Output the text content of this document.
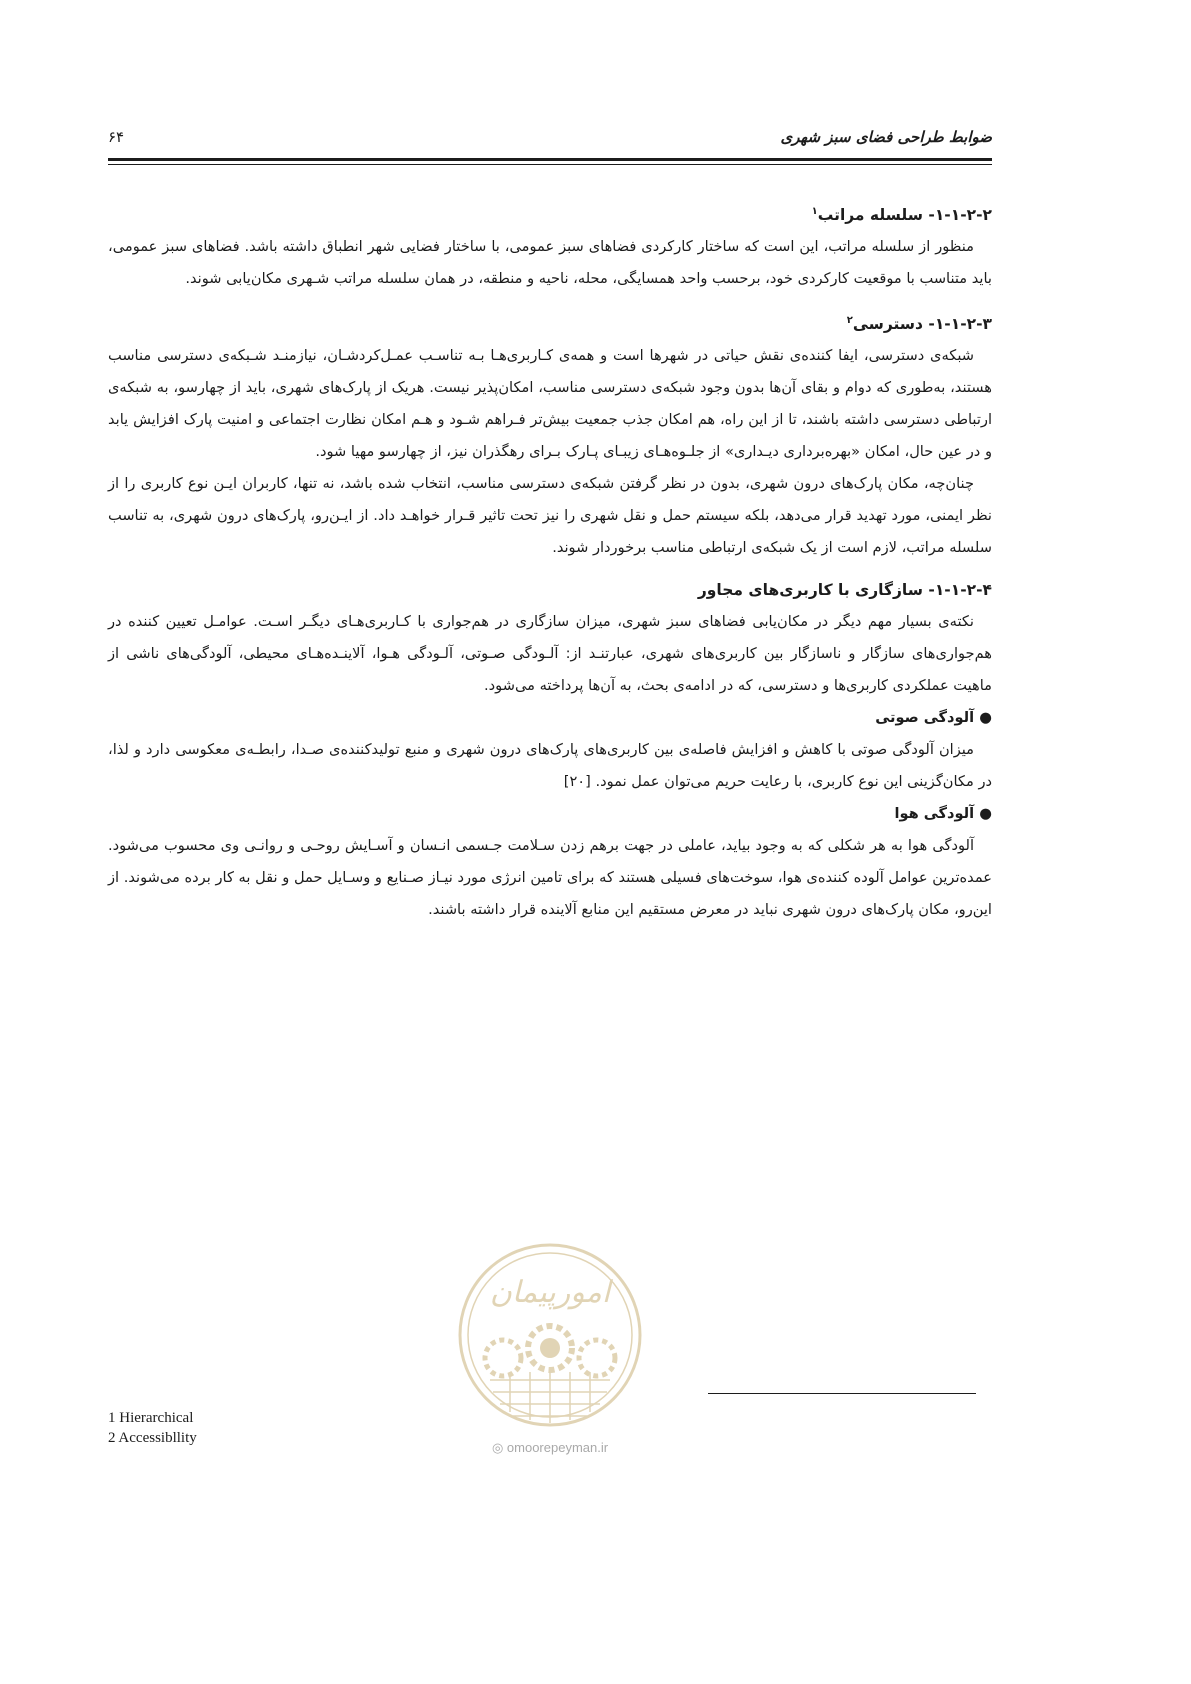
ضوابط طراحی فضای سبز شهری
۶۴
۱-۱-۲-۲- سلسله مراتب$^۱$

منظور از سلسله مراتب، این است که ساختار کارکردی فضاهای سبز عمومی، با ساختار فضایی شهر انطباق داشته باشد. فضاهای سبز عمومی، باید متناسب با موقعیت کارکردی خود، برحسب واحد همسایگی، محله، ناحیه و منطقه، در همان سلسله مراتب شـهری مکان‌یابی شوند.

۱-۱-۲-۳- دسترسی$^۲$

شبکه‌ی دسترسی، ایفا کننده‌ی نقش حیاتی در شهرها است و همه‌ی کـاربری‌هـا بـه تناسـب عمـل‌کردشـان، نیازمنـد شـبکه‌ی دسترسی مناسب هستند، به‌طوری که دوام و بقای آن‌ها بدون وجود شبکه‌ی دسترسی مناسب، امکان‌پذیر نیست. هریک از پارک‌های شهری، باید از چهارسو، به شبکه‌ی ارتباطی دسترسی داشته باشند، تا از این راه، هم امکان جذب جمعیت بیش‌تر فـراهم شـود و هـم امکان نظارت اجتماعی و امنیت پارک افزایش یابد و در عین حال، امکان «بهره‌برداری دیـداری» از جلـوه‌هـای زیبـای پـارک بـرای رهگذران نیز، از چهارسو مهیا شود.

چنان‌چه، مکان پارک‌های درون شهری، بدون در نظر گرفتن شبکه‌ی دسترسی مناسب، انتخاب شده باشد، نه تنها، کاربران ایـن نوع کاربری را از نظر ایمنی، مورد تهدید قرار می‌دهد، بلکه سیستم حمل و نقل شهری را نیز تحت تاثیر قـرار خواهـد داد. از ایـن‌رو، پارک‌های درون شهری، به تناسب سلسله مراتب، لازم است از یک شبکه‌ی ارتباطی مناسب برخوردار شوند.

۱-۱-۲-۴- سازگاری با کاربری‌های مجاور

نکته‌ی بسیار مهم دیگر در مکان‌یابی فضاهای سبز شهری، میزان سازگاری در هم‌جواری با کـاربری‌هـای دیگـر اسـت. عوامـل تعیین کننده در هم‌جواری‌های سازگار و ناسازگار بین کاربری‌های شهری، عبارتنـد از: آلـودگی صـوتی، آلـودگی هـوا، آلاینـده‌هـای محیطی، آلودگی‌های ناشی از ماهیت عملکردی کاربری‌ها و دسترسی، که در ادامه‌ی بحث، به آن‌ها پرداخته می‌شود.

● آلودگی صوتی

میزان آلودگی صوتی با کاهش و افزایش فاصله‌ی بین کاربری‌های پارک‌های درون شهری و منبع تولیدکننده‌ی صـدا، رابطـه‌ی معکوسی دارد و لذا، در مکان‌گزینی این نوع کاربری، با رعایت حریم می‌توان عمل نمود. [۲۰]

● آلودگی هوا

آلودگی هوا به هر شکلی که به وجود بیاید، عاملی در جهت برهم زدن سـلامت جـسمی انـسان و آسـایش روحـی و روانـی وی محسوب می‌شود. عمده‌ترین عوامل آلوده کننده‌ی هوا، سوخت‌های فسیلی هستند که برای تامین انرژی مورد نیـاز صـنایع و وسـایل حمل و نقل به کار برده می‌شوند. از این‌رو، مکان پارک‌های درون شهری نباید در معرض مستقیم این منابع آلاینده قرار داشته باشند.

امورپیمان
◎ omoorepeyman.ir
1 Hierarchical
2 Accessibllity
